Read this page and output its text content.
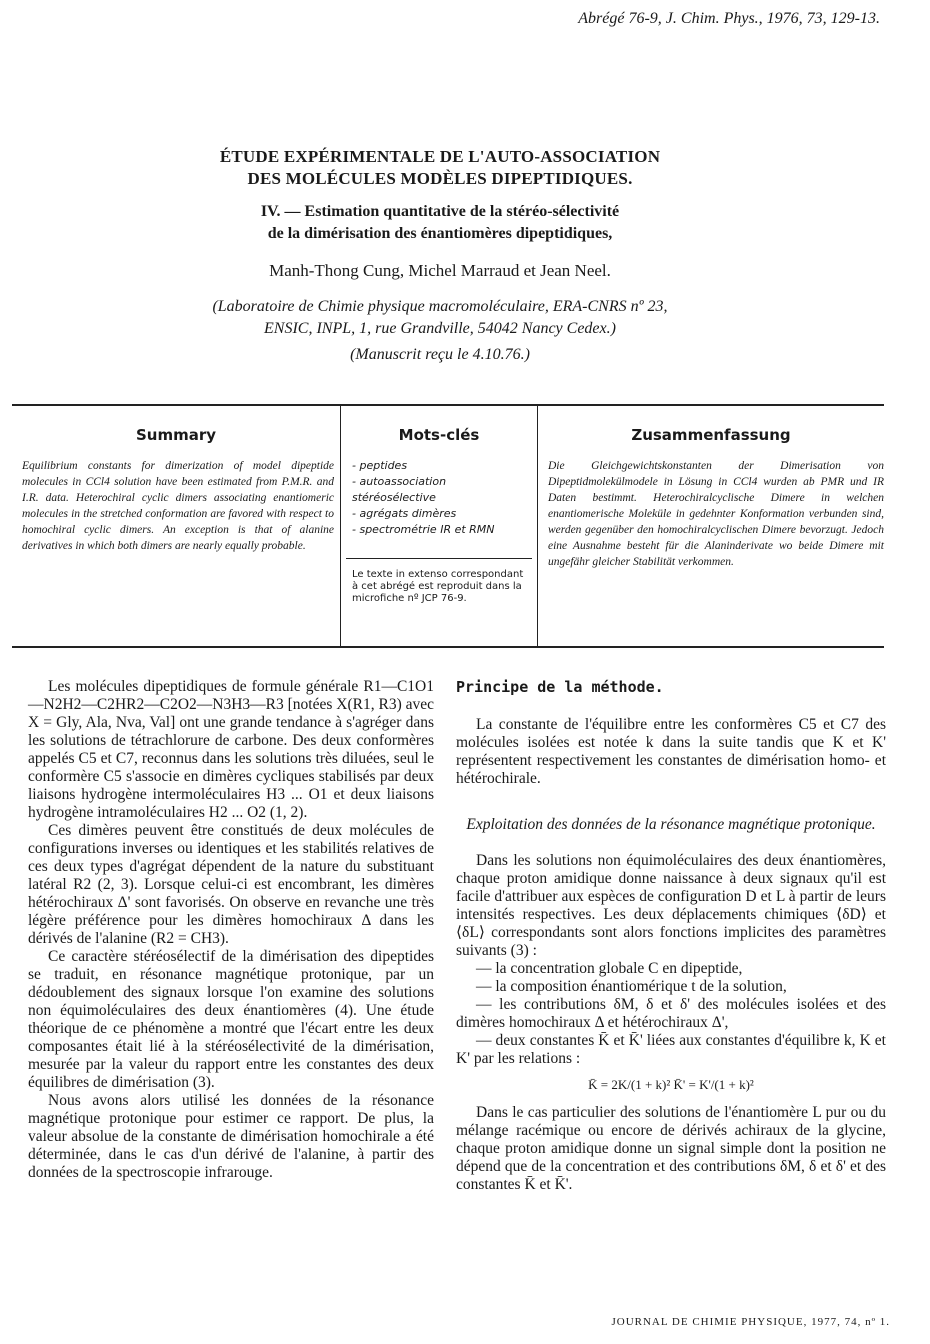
Abrégé 76-9, J. Chim. Phys., 1976, 73, 129-13.
ÉTUDE EXPÉRIMENTALE DE L'AUTO-ASSOCIATION
DES MOLÉCULES MODÈLES DIPEPTIDIQUES.
IV. — Estimation quantitative de la stéréo-sélectivité
de la dimérisation des énantiomères dipeptidiques,
Manh-Thong Cung, Michel Marraud et Jean Neel.
(Laboratoire de Chimie physique macromoléculaire, ERA-CNRS nº 23,
ENSIC, INPL, 1, rue Grandville, 54042 Nancy Cedex.)
(Manuscrit reçu le 4.10.76.)
Summary	Mots-clés	Zusammenfassung
Equilibrium constants for dimerization of model dipeptide molecules in CCl4 solution have been estimated from P.M.R. and I.R. data. Heterochiral cyclic dimers associating enantiomeric molecules in the stretched conformation are favored with respect to homochiral cyclic dimers. An exception is that of alanine derivatives in which both dimers are nearly equally probable.
- peptides
- autoassociation stéréosélective
- agrégats dimères
- spectrométrie IR et RMN
Le texte in extenso correspondant à cet abrégé est reproduit dans la microfiche nº JCP 76-9.
Die Gleichgewichtskonstanten der Dimerisation von Dipeptidmolekülmodele in Lösung in CCl4 wurden ab PMR und IR Daten bestimmt. Heterochiralcyclische Dimere in welchen enantiomerische Moleküle in gedehnter Konformation verbunden sind, werden gegenüber den homochiralcyclischen Dimere bevorzugt. Jedoch eine Ausnahme besteht für die Alaninderivate wo beide Dimere mit ungefähr gleicher Stabilität verkommen.

Les molécules dipeptidiques de formule générale R1—C1O1—N2H2—C2HR2—C2O2—N3H3—R3 [notées X(R1, R3) avec X = Gly, Ala, Nva, Val] ont une grande tendance à s'agréger dans les solutions de tétrachlorure de carbone. Des deux conformères appelés C5 et C7, reconnus dans les solutions très diluées, seul le conformère C5 s'associe en dimères cycliques stabilisés par deux liaisons hydrogène intermoléculaires H3 ... O1 et deux liaisons hydrogène intramoléculaires H2 ... O2 (1, 2).

Ces dimères peuvent être constitués de deux molécules de configurations inverses ou identiques et les stabilités relatives de ces deux types d'agrégat dépendent de la nature du substituant latéral R2 (2, 3). Lorsque celui-ci est encombrant, les dimères hétérochiraux Δ' sont favorisés. On observe en revanche une très légère préférence pour les dimères homochiraux Δ dans les dérivés de l'alanine (R2 = CH3).

Ce caractère stéréosélectif de la dimérisation des dipeptides se traduit, en résonance magnétique protonique, par un dédoublement des signaux lorsque l'on examine des solutions non équimoléculaires des deux énantiomères (4). Une étude théorique de ce phénomène a montré que l'écart entre les deux composantes était lié à la stéréosélectivité de la dimérisation, mesurée par la valeur du rapport entre les constantes des deux équilibres de dimérisation (3).

Nous avons alors utilisé les données de la résonance magnétique protonique pour estimer ce rapport. De plus, la valeur absolue de la constante de dimérisation homochirale a été déterminée, dans le cas d'un dérivé de l'alanine, à partir des données de la spectroscopie infrarouge.

Principe de la méthode.

La constante de l'équilibre entre les conformères C5 et C7 des molécules isolées est notée k dans la suite tandis que K et K' représentent respectivement les constantes de dimérisation homo- et hétérochirale.

Exploitation des données de la résonance magnétique protonique.

Dans les solutions non équimoléculaires des deux énantiomères, chaque proton amidique donne naissance à deux signaux qu'il est facile d'attribuer aux espèces de configuration D et L à partir de leurs intensités respectives. Les deux déplacements chimiques ⟨δD⟩ et ⟨δL⟩ correspondants sont alors fonctions implicites des paramètres suivants (3) :

— la concentration globale C en dipeptide,

— la composition énantiomérique t de la solution,

— les contributions δM, δ et δ' des molécules isolées et des dimères homochiraux Δ et hétérochiraux Δ',

— deux constantes K̄ et K̄' liées aux constantes d'équilibre k, K et K' par les relations :

K̄ = 2K/(1 + k)² K̄' = K'/(1 + k)²

Dans le cas particulier des solutions de l'énantiomère L pur ou du mélange racémique ou encore de dérivés achiraux de la glycine, chaque proton amidique donne un signal simple dont la position ne dépend que de la concentration et des contributions δM, δ et δ' et des constantes K̄ et K̄'.

JOURNAL DE CHIMIE PHYSIQUE, 1977, 74, nº 1.
